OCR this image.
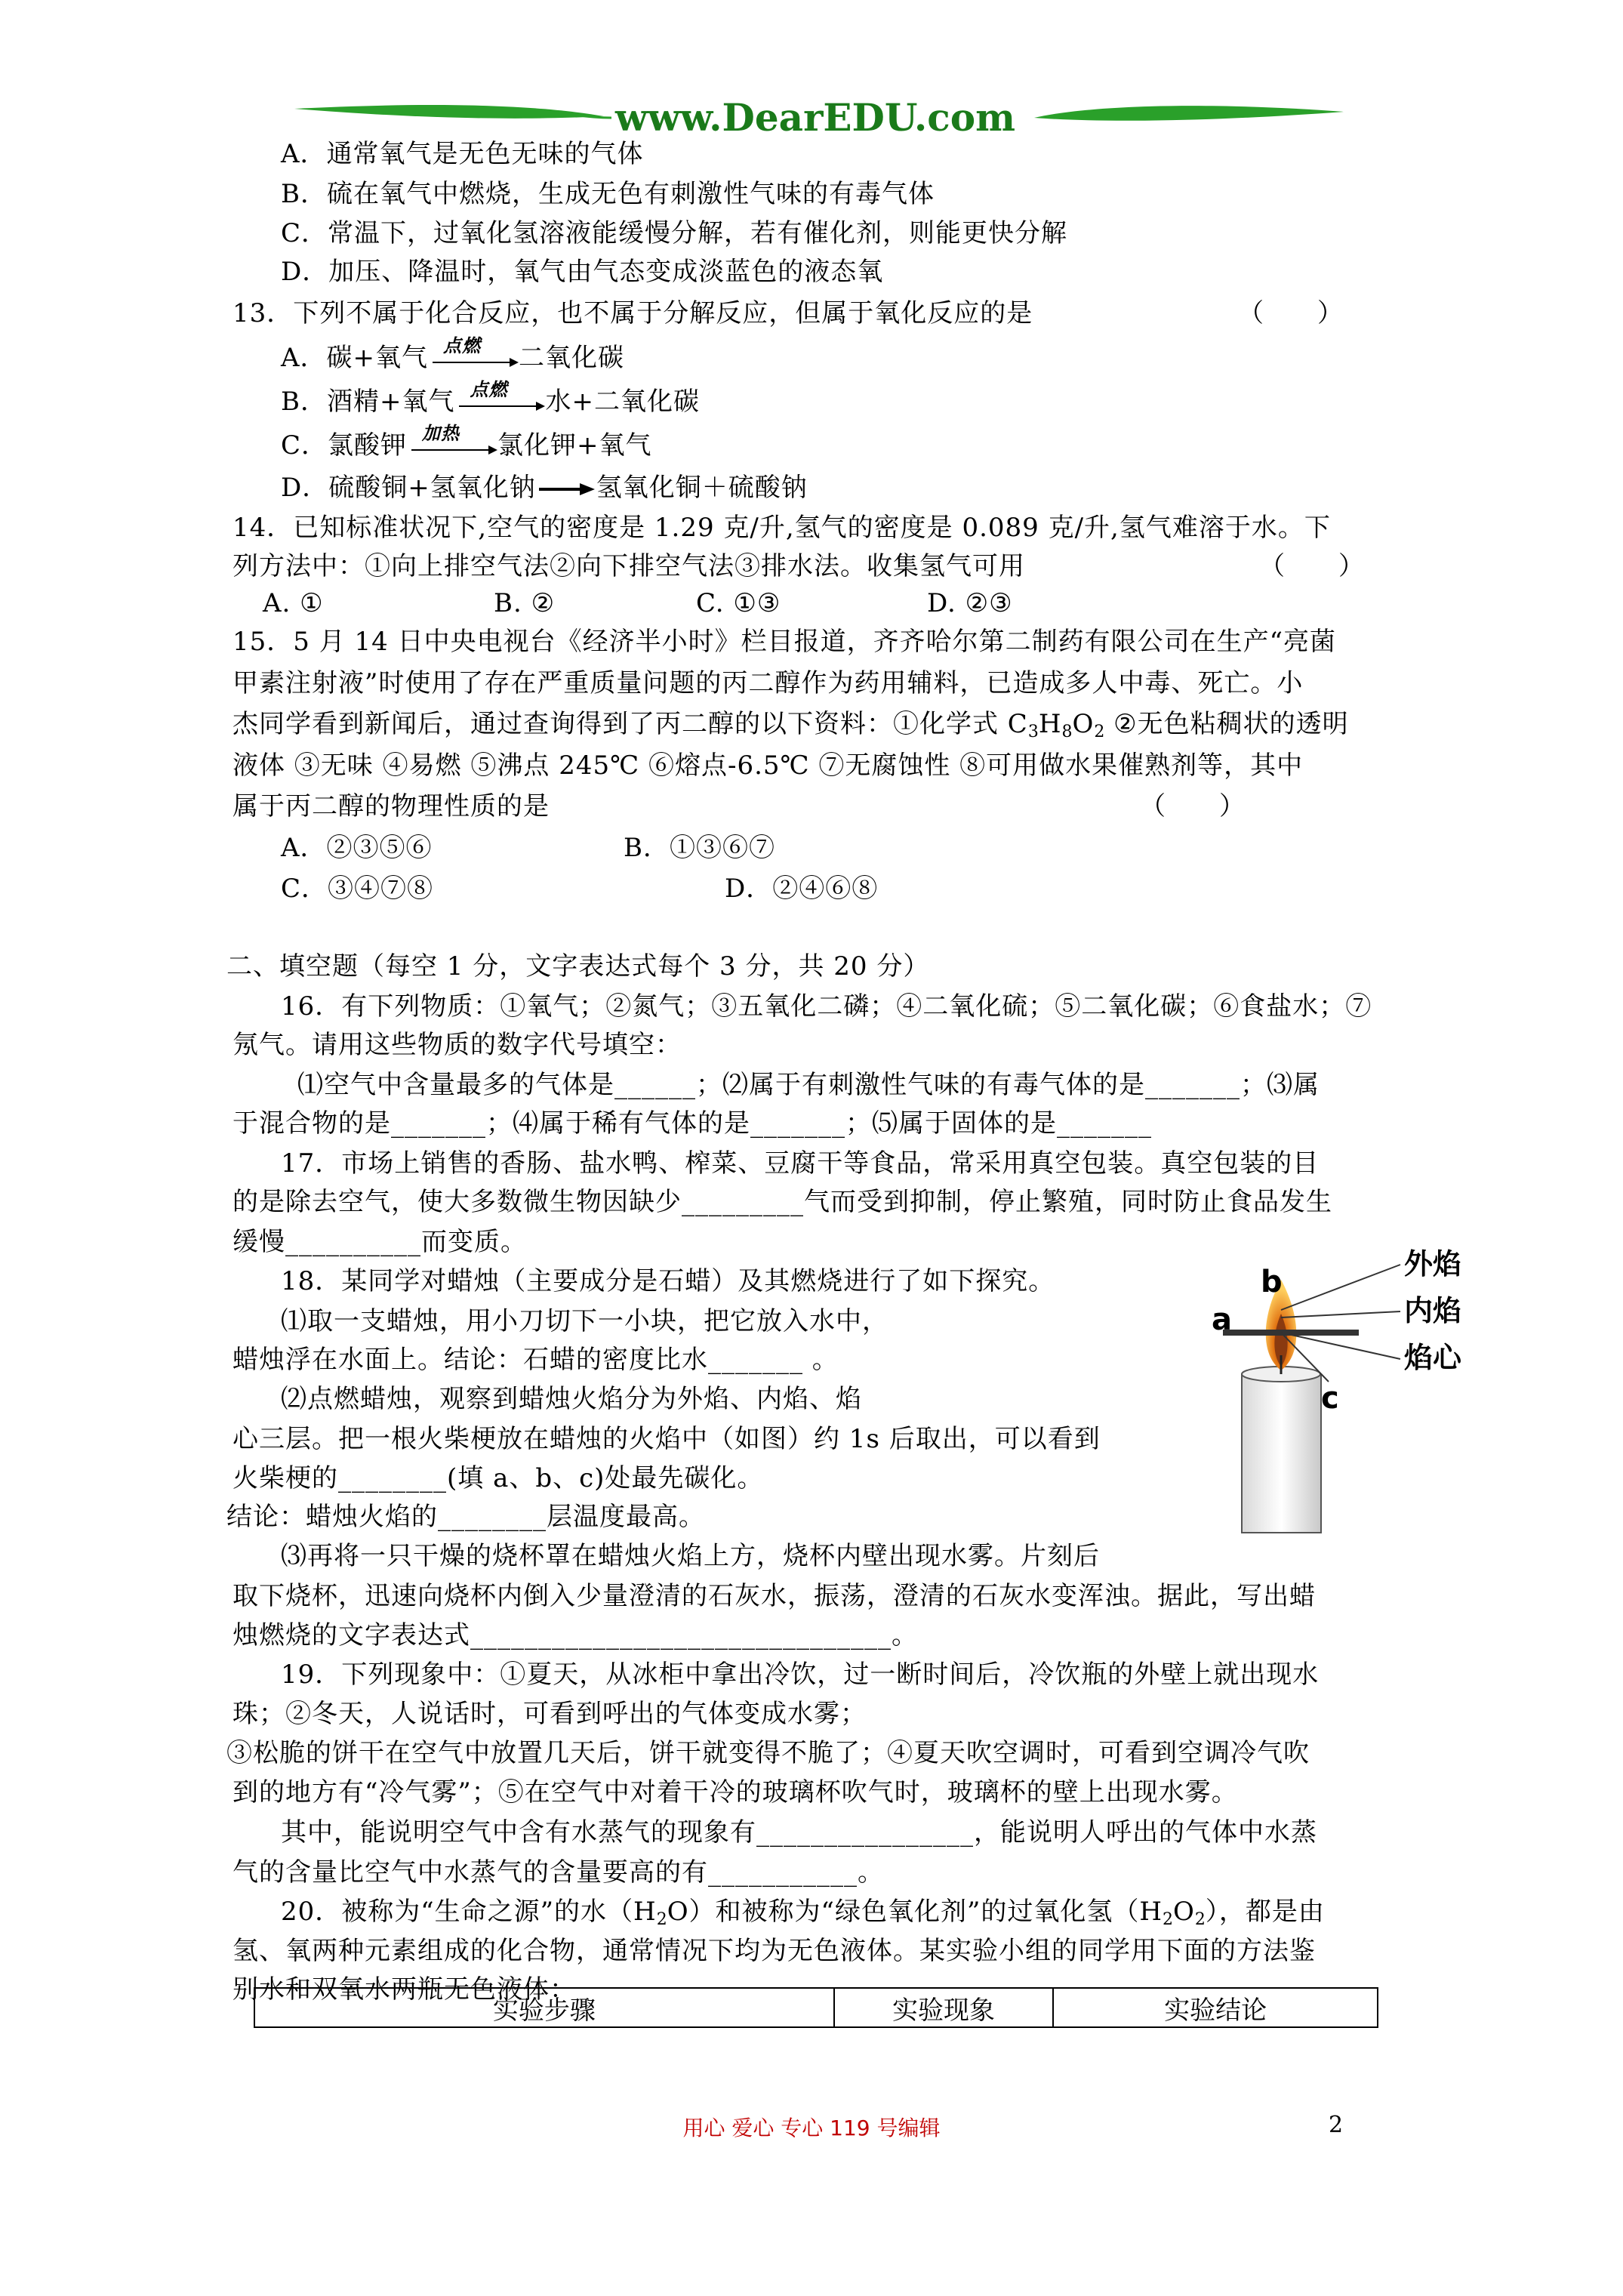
www.DearEDU.com
A．通常氧气是无色无味的气体
B．硫在氧气中燃烧，生成无色有刺激性气味的有毒气体
C．常温下，过氧化氢溶液能缓慢分解，若有催化剂，则能更快分解
D．加压、降温时，氧气由气态变成淡蓝色的液态氧
13．下列不属于化合反应，也不属于分解反应，但属于氧化反应的是	（　　）
A．碳+氧气 点燃 二氧化碳
B．酒精+氧气 点燃 水+二氧化碳
C．氯酸钾 加热 氯化钾+氧气
D．硫酸铜+氢氧化钠→氢氧化铜＋硫酸钠
14．已知标准状况下,空气的密度是 1.29 克/升,氢气的密度是 0.089 克/升,氢气难溶于水。下
列方法中：①向上排空气法②向下排空气法③排水法。收集氢气可用	（　　）
A. ①	B. ②	C. ①③	D. ②③
15．5 月 14 日中央电视台《经济半小时》栏目报道，齐齐哈尔第二制药有限公司在生产“亮菌
甲素注射液”时使用了存在严重质量问题的丙二醇作为药用辅料，已造成多人中毒、死亡。小
杰同学看到新闻后，通过查询得到了丙二醇的以下资料：①化学式 $C_3H_8O_2$ ②无色粘稠状的透明
液体 ③无味 ④易燃 ⑤沸点 245℃ ⑥熔点-6.5℃ ⑦无腐蚀性 ⑧可用做水果催熟剂等，其中
属于丙二醇的物理性质的是	（　　）
A．②③⑤⑥	B．①③⑥⑦
C．③④⑦⑧	D．②④⑥⑧
二、填空题（每空 1 分，文字表达式每个 3 分，共 20 分）
16．有下列物质：①氧气；②氮气；③五氧化二磷；④二氧化硫；⑤二氧化碳；⑥食盐水；⑦
氖气。请用这些物质的数字代号填空：
⑴空气中含量最多的气体是______；⑵属于有刺激性气味的有毒气体的是_______；⑶属
于混合物的是_______；⑷属于稀有气体的是_______；⑸属于固体的是_______
17．市场上销售的香肠、盐水鸭、榨菜、豆腐干等食品，常采用真空包装。真空包装的目
的是除去空气，使大多数微生物因缺少_________气而受到抑制，停止繁殖，同时防止食品发生
缓慢__________而变质。
18．某同学对蜡烛（主要成分是石蜡）及其燃烧进行了如下探究。
⑴取一支蜡烛，用小刀切下一小块，把它放入水中，
蜡烛浮在水面上。结论：石蜡的密度比水_______ 。
⑵点燃蜡烛，观察到蜡烛火焰分为外焰、内焰、焰
心三层。把一根火柴梗放在蜡烛的火焰中（如图）约 1s 后取出，可以看到
火柴梗的________(填 a、b、c)处最先碳化。
结论：蜡烛火焰的________层温度最高。
⑶再将一只干燥的烧杯罩在蜡烛火焰上方，烧杯内壁出现水雾。片刻后
取下烧杯，迅速向烧杯内倒入少量澄清的石灰水，振荡，澄清的石灰水变浑浊。据此，写出蜡
烛燃烧的文字表达式_______________________________。
外焰
内焰
焰心
a
b
c
19．下列现象中：①夏天，从冰柜中拿出冷饮，过一断时间后，冷饮瓶的外壁上就出现水
珠；②冬天，人说话时，可看到呼出的气体变成水雾；
③松脆的饼干在空气中放置几天后，饼干就变得不脆了；④夏天吹空调时，可看到空调冷气吹
到的地方有“冷气雾”；⑤在空气中对着干冷的玻璃杯吹气时，玻璃杯的壁上出现水雾。
其中，能说明空气中含有水蒸气的现象有________________，能说明人呼出的气体中水蒸
气的含量比空气中水蒸气的含量要高的有___________。
20．被称为“生命之源”的水$(H_2O)$和被称为“绿色氧化剂”的过氧化氢$(H_2O_2)$，都是由
氢、氧两种元素组成的化合物，通常情况下均为无色液体。某实验小组的同学用下面的方法鉴
别水和双氧水两瓶无色液体：
实验步骤	实验现象	实验结论
用心 爱心 专心 119 号编辑	2
